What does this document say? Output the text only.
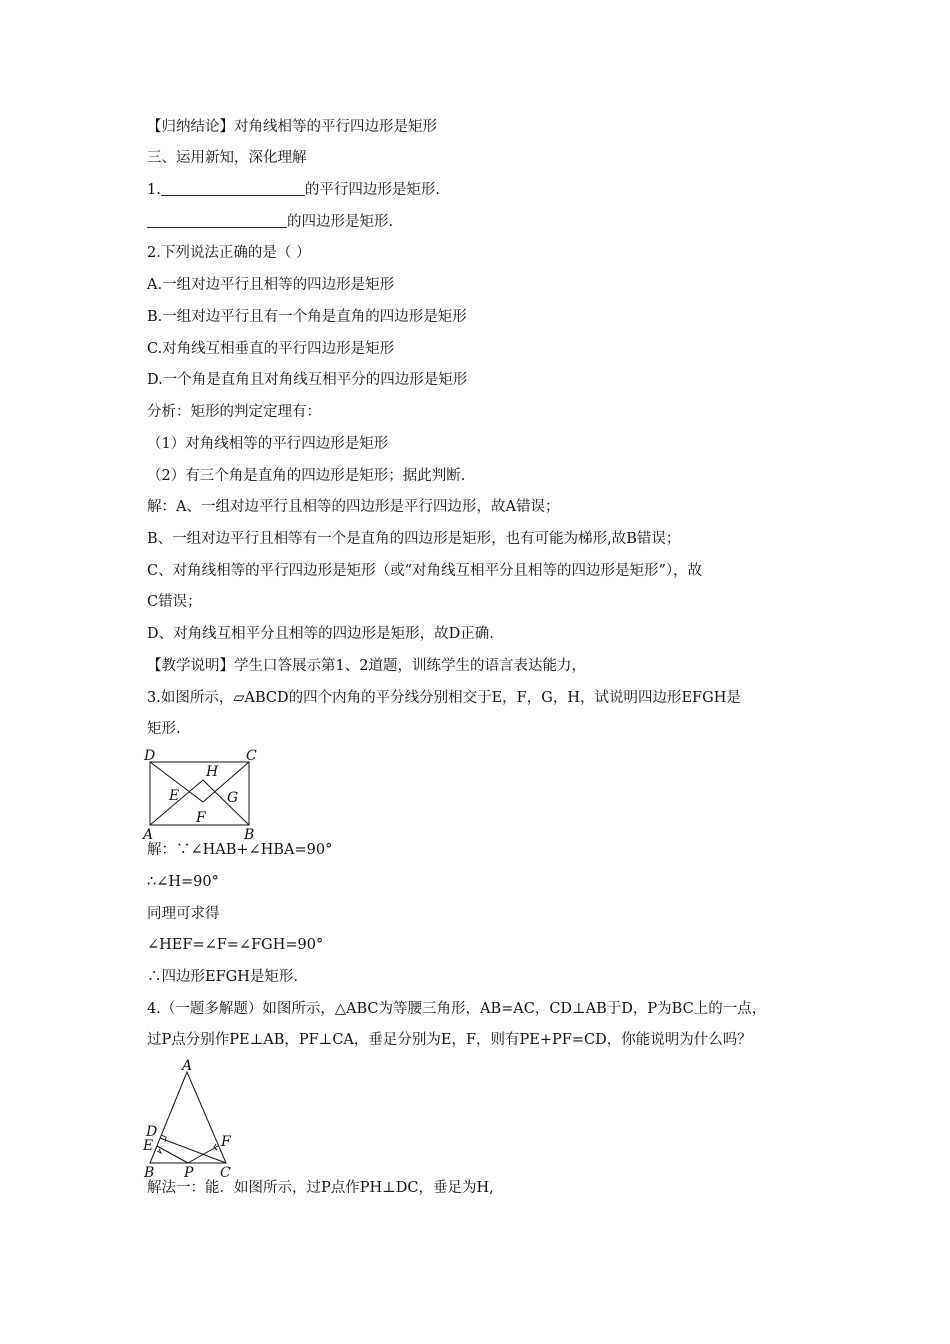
【归纳结论】对角线相等的平行四边形是矩形
三、运用新知，深化理解
1.	的平行四边形是矩形.
的四边形是矩形.
2.下列说法正确的是（ ）
A.一组对边平行且相等的四边形是矩形
B.一组对边平行且有一个角是直角的四边形是矩形
C.对角线互相垂直的平行四边形是矩形
D.一个角是直角且对角线互相平分的四边形是矩形
分析：矩形的判定定理有：
（1）对角线相等的平行四边形是矩形
（2）有三个角是直角的四边形是矩形；据此判断.
解：A、一组对边平行且相等的四边形是平行四边形，故A错误；
B、一组对边平行且相等有一个是直角的四边形是矩形，也有可能为梯形,故B错误；
C、对角线相等的平行四边形是矩形（或“对角线互相平分且相等的四边形是矩形”），故
C错误；
D、对角线互相平分且相等的四边形是矩形，故D正确.
【教学说明】学生口答展示第1、2道题，训练学生的语言表达能力，
3.如图所示，▱ABCD的四个内角的平分线分别相交于E，F，G，H，试说明四边形EFGH是
矩形.
D	C
A	B
H
E	G
F
解：∵∠HAB+∠HBA=90°
∴∠H=90°
同理可求得
∠HEF=∠F=∠FGH=90°
∴四边形EFGH是矩形.
4.（一题多解题）如图所示，△ABC为等腰三角形，AB=AC，CD⊥AB于D，P为BC上的一点，
过P点分别作PE⊥AB，PF⊥CA，垂足分别为E，F，则有PE+PF=CD，你能说明为什么吗？
A
D
E	F
B P C
解法一：能．如图所示，过P点作PH⊥DC，垂足为H,
